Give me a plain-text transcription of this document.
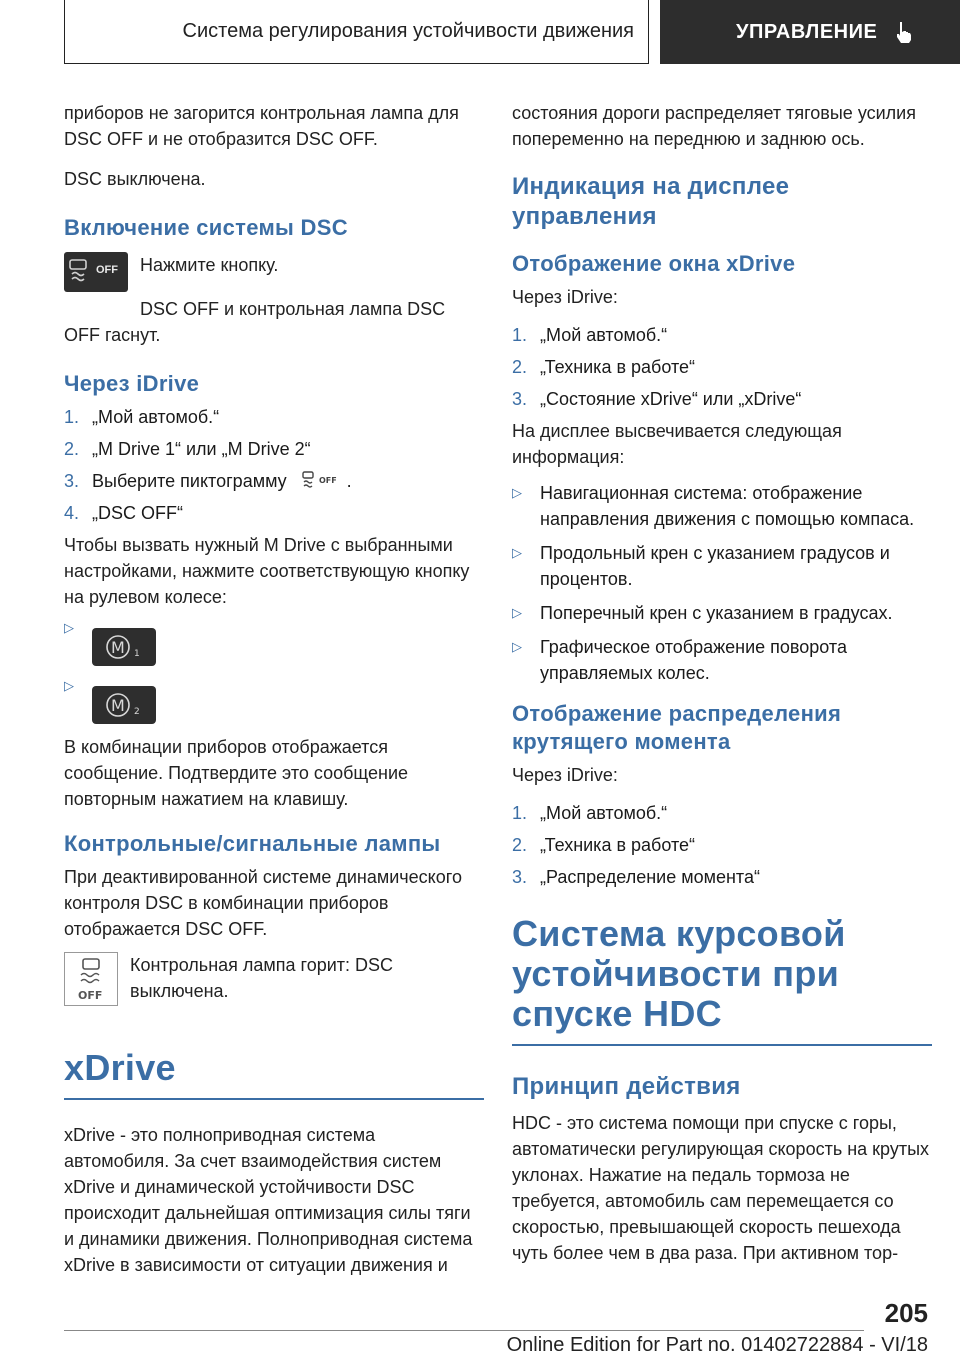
Система регулирования устойчивости движения	УПРАВЛЕНИЕ

приборов не загорится контрольная лампа для DSC OFF и не отобразится DSC OFF.

DSC выключена.

Включение системы DSC
OFF Нажмите кнопку.

DSC OFF и контрольная лампа DSC OFF гаснут.

Через iDrive
1. „Мой автомоб.“
2. „M Drive 1“ или „M Drive 2“
3. Выберите пиктограмму	OFF .
4. „DSC OFF“

Чтобы вызвать нужный M Drive с выбранными настройками, нажмите соответствующую кнопку на рулевом колесе:

▷
M 1
▷
M 2

В комбинации приборов отображается сообщение. Подтвердите это сообщение повторным нажатием на клавишу.

Контрольные/сигнальные лампы

При деактивированной системе динамического контроля DSC в комбинации приборов отображается DSC OFF.

OFF

Контрольная лампа горит: DSC выключена.

xDrive

xDrive - это полноприводная система автомобиля. За счет взаимодействия систем xDrive и динамической устойчивости DSC происходит дальнейшая оптимизация силы тяги и динамики движения. Полноприводная система xDrive в зависимости от ситуации движения и

состояния дороги распределяет тяговые усилия попеременно на переднюю и заднюю ось.

Индикация на дисплее управления
Отображение окна xDrive

Через iDrive:

1. „Мой автомоб.“
2. „Техника в работе“
3. „Состояние xDrive“ или „xDrive“

На дисплее высвечивается следующая информация:

▷	Навигационная система: отображение направления движения с помощью компаса.
▷	Продольный крен с указанием градусов и процентов.
▷	Поперечный крен с указанием в градусах.
▷	Графическое отображение поворота управляемых колес.
Отображение распределения крутящего момента

Через iDrive:

1. „Мой автомоб.“
2. „Техника в работе“
3. „Распределение момента“
Система курсовой устойчивости при спуске HDC
Принцип действия

HDC - это система помощи при спуске с горы, автоматически регулирующая скорость на крутых уклонах. Нажатие на педаль тормоза не требуется, автомобиль сам перемещается со скоростью, превышающей скорость пешехода чуть более чем в два раза. При активном тор-

205
Online Edition for Part no. 01402722884 - VI/18
